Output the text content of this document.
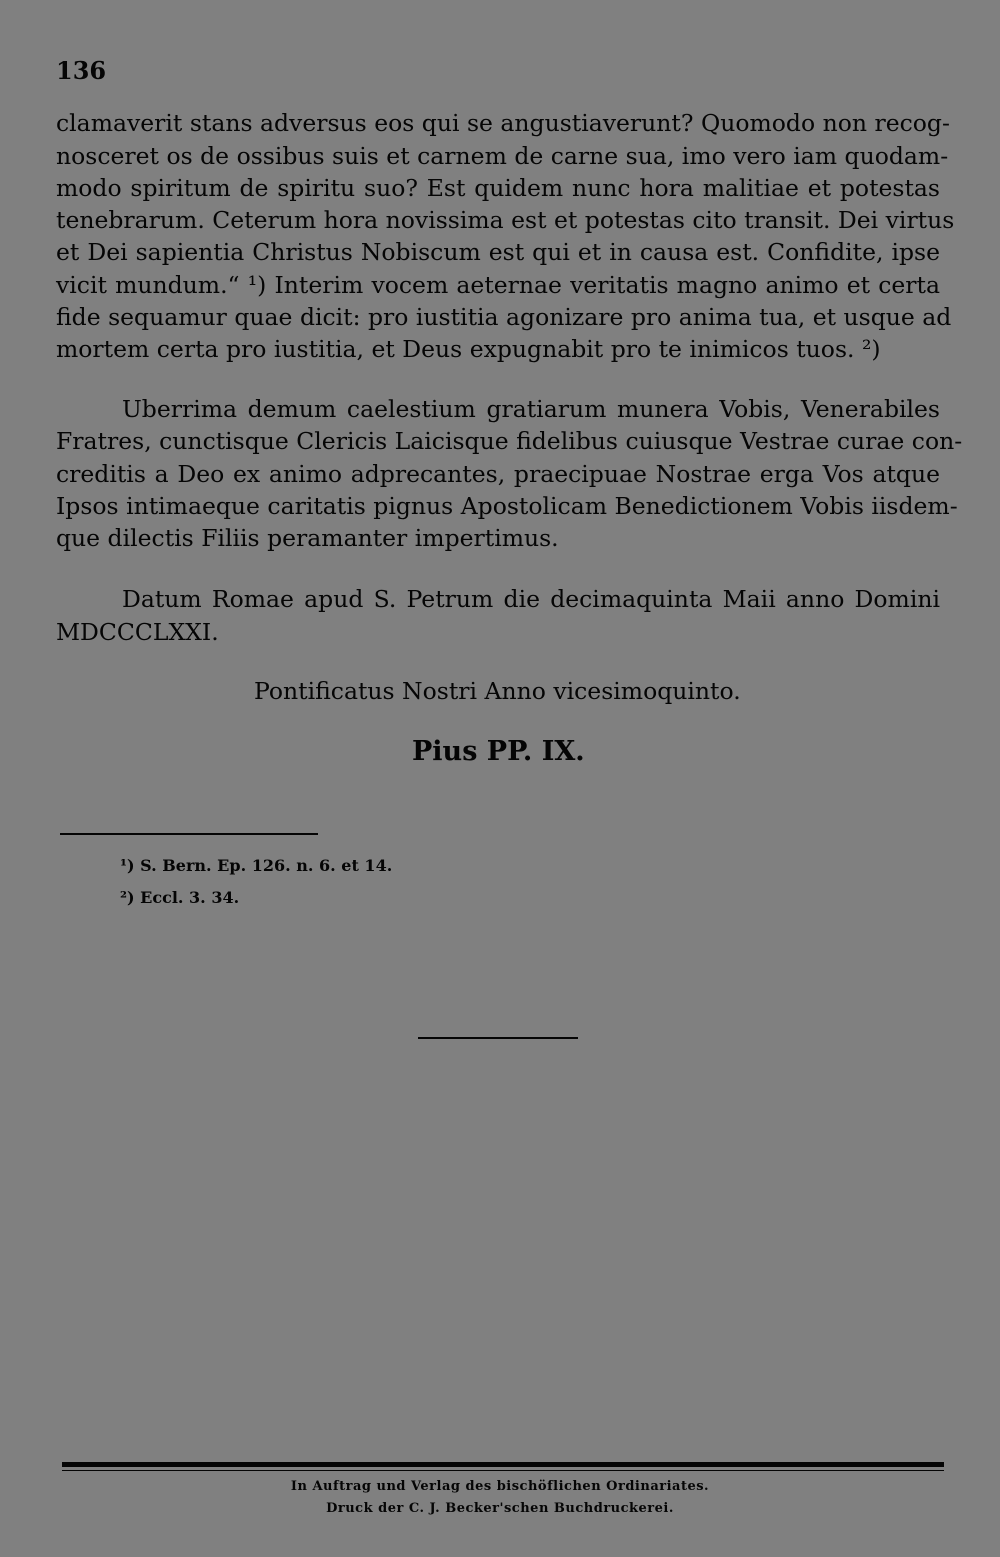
136

clamaverit stans adversus eos qui se angustiaverunt? Quomodo non recog-

nosceret os de ossibus suis et carnem de carne sua, imo vero iam quodam-

modo spiritum de spiritu suo? Est quidem nunc hora malitiae et potestas

tenebrarum. Ceterum hora novissima est et potestas cito transit. Dei virtus

et Dei sapientia Christus Nobiscum est qui et in causa est. Confidite, ipse

vicit mundum.“ ¹) Interim vocem aeternae veritatis magno animo et certa

fide sequamur quae dicit: pro iustitia agonizare pro anima tua, et usque ad

mortem certa pro iustitia, et Deus expugnabit pro te inimicos tuos. ²)

Uberrima demum caelestium gratiarum munera Vobis, Venerabiles

Fratres, cunctisque Clericis Laicisque fidelibus cuiusque Vestrae curae con-

creditis a Deo ex animo adprecantes, praecipuae Nostrae erga Vos atque

Ipsos intimaeque caritatis pignus Apostolicam Benedictionem Vobis iisdem-

que dilectis Filiis peramanter impertimus.

Datum Romae apud S. Petrum die decimaquinta Maii anno Domini

MDCCCLXXI.

Pontificatus Nostri Anno vicesimoquinto.

Pius PP. IX.

¹) S. Bern. Ep. 126. n. 6. et 14.

²) Eccl. 3. 34.

In Auftrag und Verlag des bischöflichen Ordinariates.

Druck der C. J. Becker'schen Buchdruckerei.
